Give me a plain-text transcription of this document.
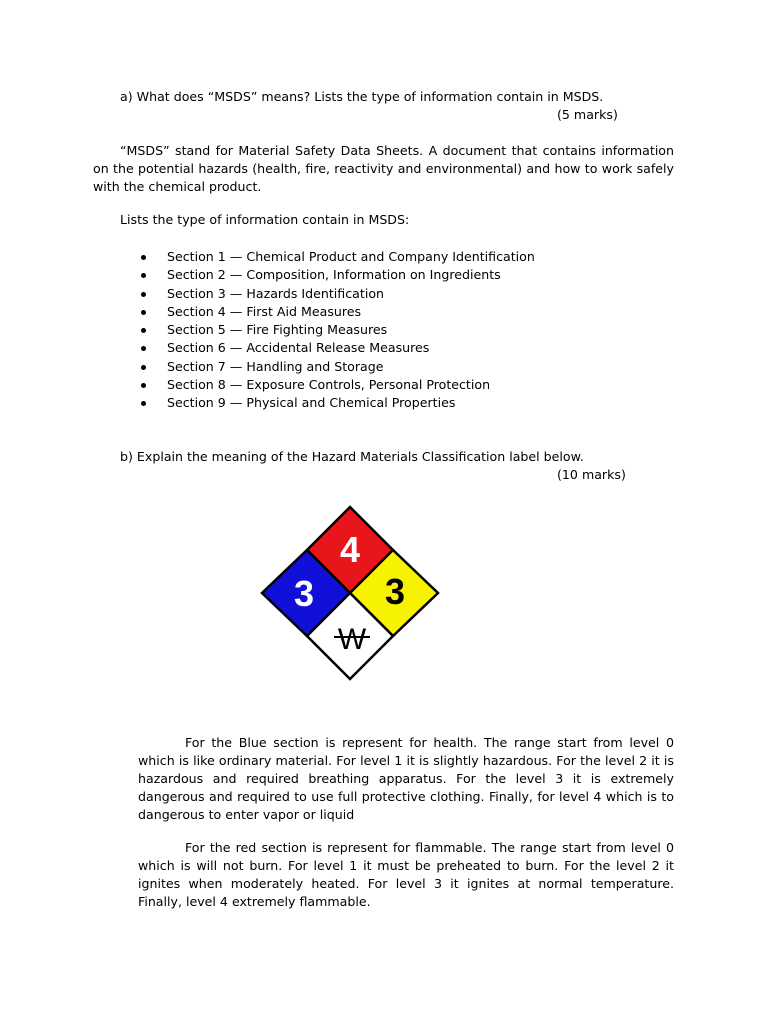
a) What does “MSDS” means? Lists the type of information contain in MSDS.
(5 marks)

“MSDS” stand for Material Safety Data Sheets. A document that contains information on the potential hazards (health, fire, reactivity and environmental) and how to work safely with the chemical product.

Lists the type of information contain in MSDS:
Section 1 — Chemical Product and Company Identification
Section 2 — Composition, Information on Ingredients
Section 3 — Hazards Identification
Section 4 — First Aid Measures
Section 5 — Fire Fighting Measures
Section 6 — Accidental Release Measures
Section 7 — Handling and Storage
Section 8 — Exposure Controls, Personal Protection
Section 9 — Physical and Chemical Properties
b) Explain the meaning of the Hazard Materials Classification label below.
(10 marks)
4
3 3
W

For the Blue section is represent for health. The range start from level 0 which is like ordinary material. For level 1 it is slightly hazardous. For the level 2 it is hazardous and required breathing apparatus. For the level 3 it is extremely dangerous and required to use full protective clothing. Finally, for level 4 which is to dangerous to enter vapor or liquid

For the red section is represent for flammable. The range start from level 0 which is will not burn. For level 1 it must be preheated to burn. For the level 2 it ignites when moderately heated. For level 3 it ignites at normal temperature. Finally, level 4 extremely flammable.
